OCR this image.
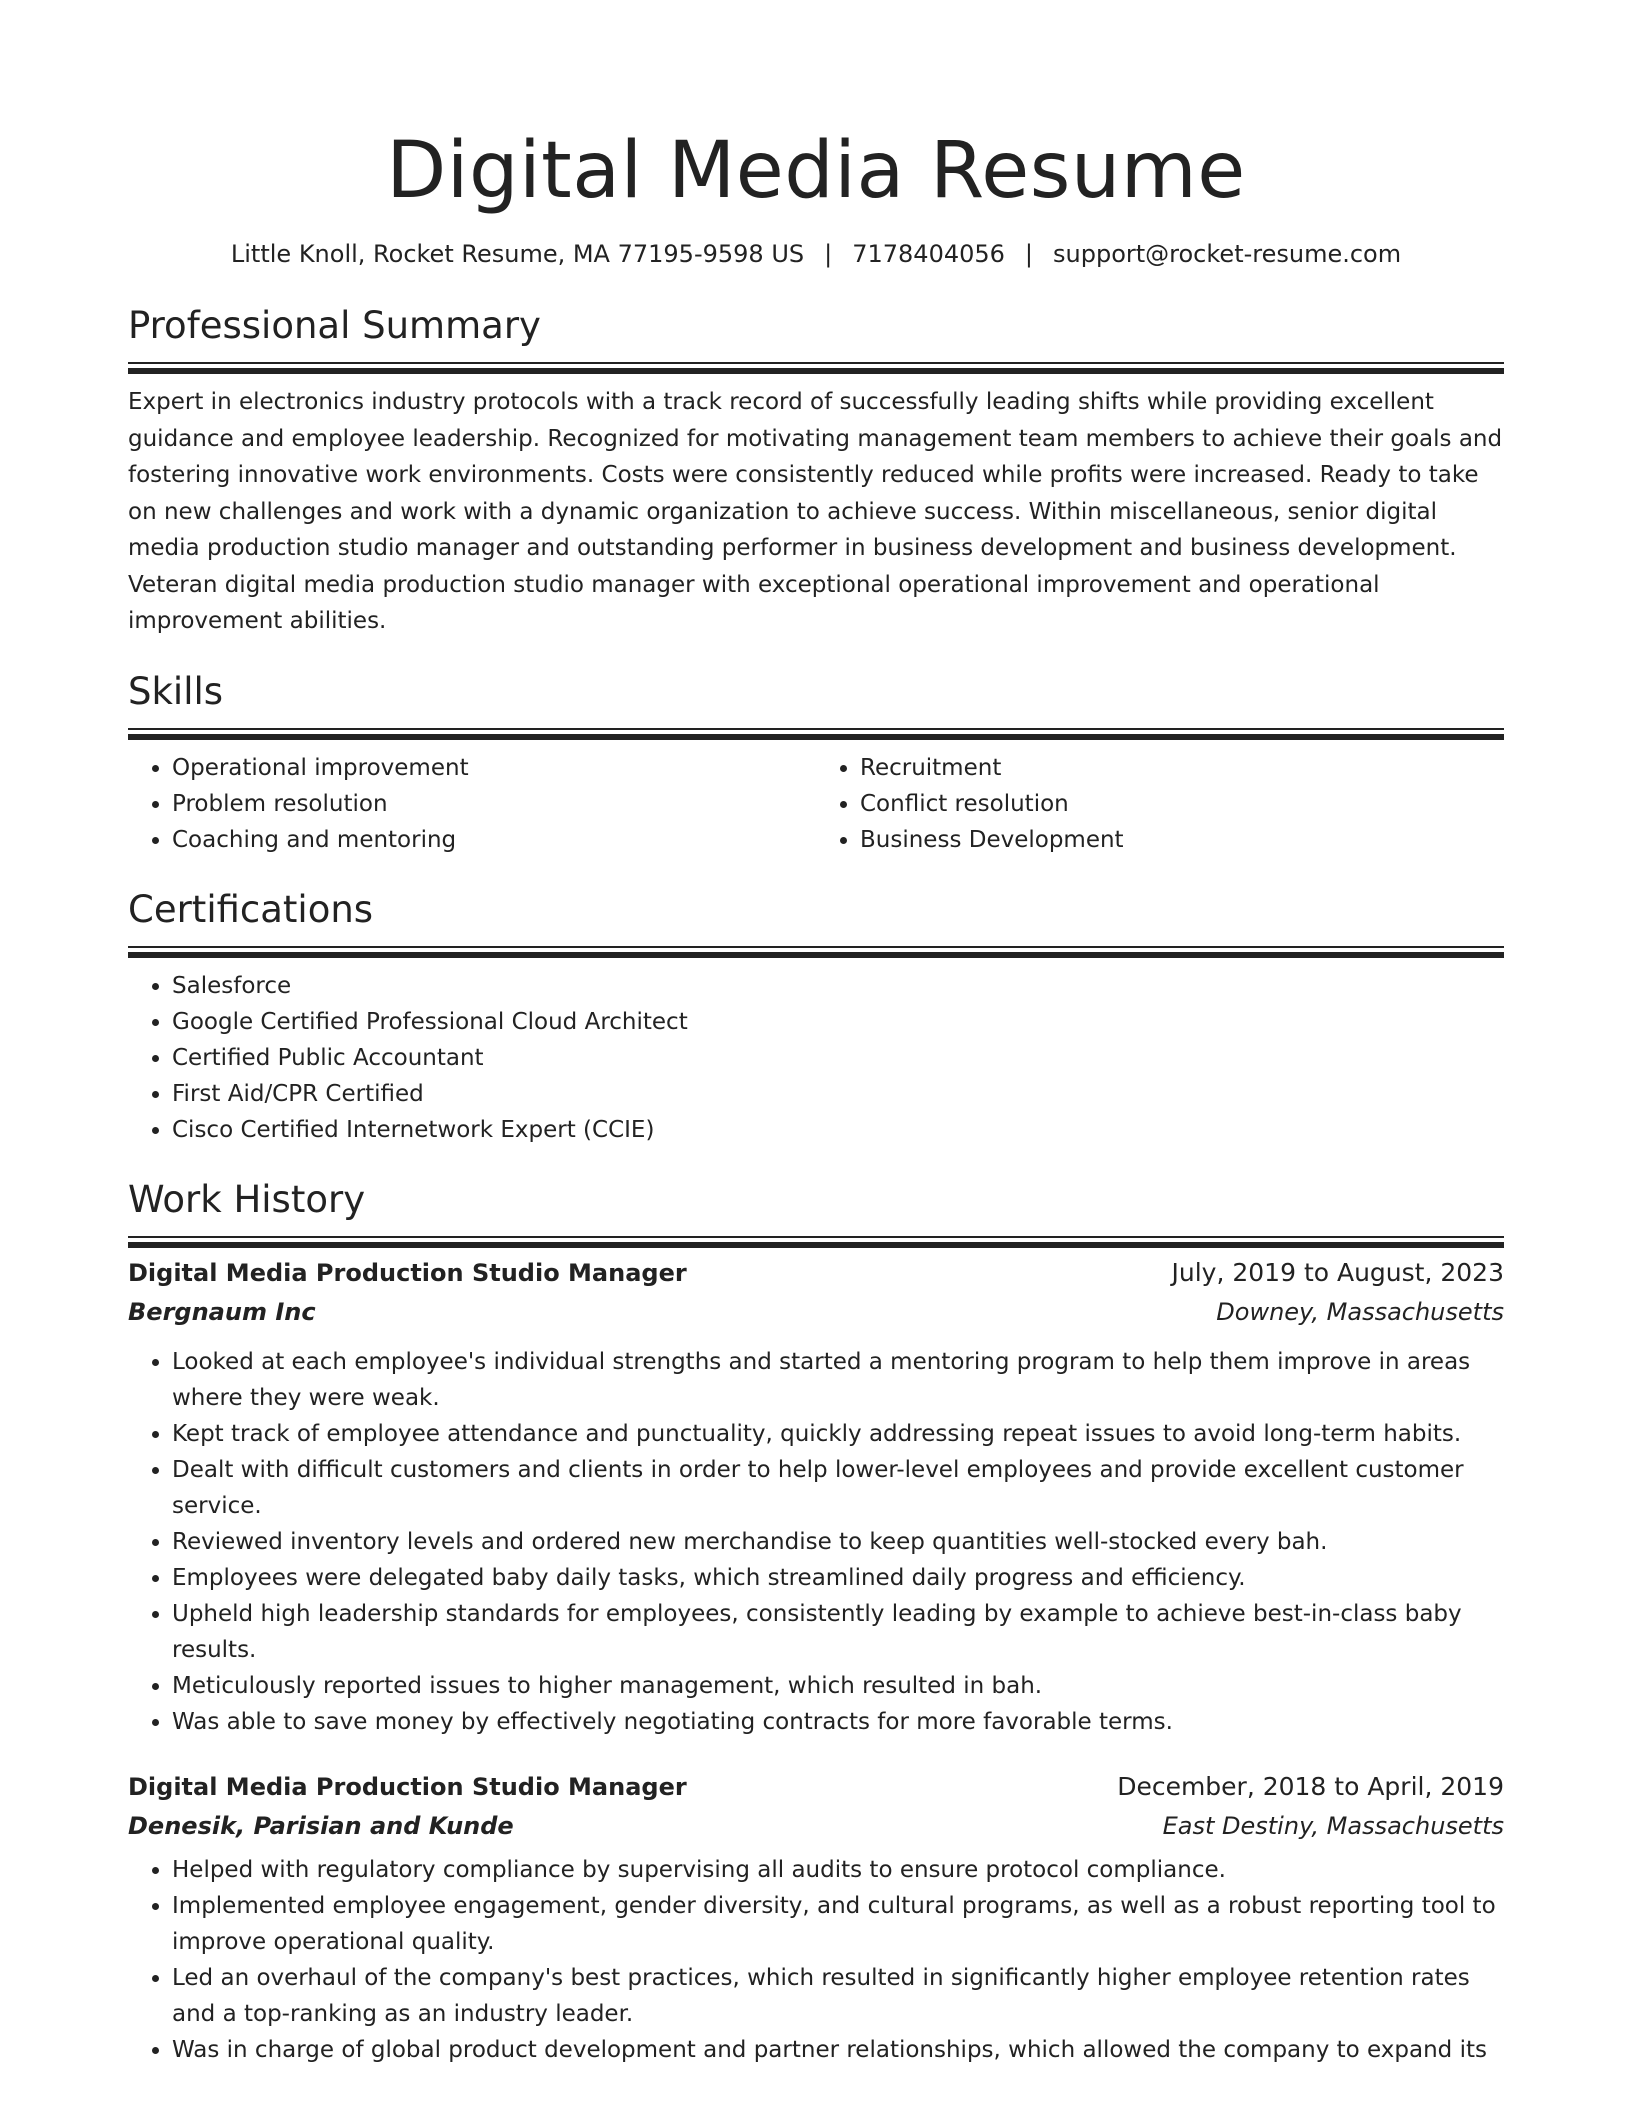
Digital Media Resume
Little Knoll, Rocket Resume, MA 77195-9598 US | 7178404056 | support@rocket-resume.com
Professional Summary
Expert in electronics industry protocols with a track record of successfully leading shifts while providing excellent guidance and employee leadership. Recognized for motivating management team members to achieve their goals and fostering innovative work environments. Costs were consistently reduced while profits were increased. Ready to take on new challenges and work with a dynamic organization to achieve success. Within miscellaneous, senior digital media production studio manager and outstanding performer in business development and business development. Veteran digital media production studio manager with exceptional operational improvement and operational improvement abilities.
Skills
• Operational improvement
• Problem resolution
• Coaching and mentoring
• Recruitment
• Conflict resolution
• Business Development
Certifications
• Salesforce
• Google Certified Professional Cloud Architect
• Certified Public Accountant
• First Aid/CPR Certified
• Cisco Certified Internetwork Expert (CCIE)
Work History
Digital Media Production Studio Manager	July, 2019 to August, 2023
Bergnaum Inc	Downey, Massachusetts
• Looked at each employee's individual strengths and started a mentoring program to help them improve in areas where they were weak.
• Kept track of employee attendance and punctuality, quickly addressing repeat issues to avoid long-term habits.
• Dealt with difficult customers and clients in order to help lower-level employees and provide excellent customer service.
• Reviewed inventory levels and ordered new merchandise to keep quantities well-stocked every bah.
• Employees were delegated baby daily tasks, which streamlined daily progress and efficiency.
• Upheld high leadership standards for employees, consistently leading by example to achieve best-in-class baby results.
• Meticulously reported issues to higher management, which resulted in bah.
• Was able to save money by effectively negotiating contracts for more favorable terms.
Digital Media Production Studio Manager	December, 2018 to April, 2019
Denesik, Parisian and Kunde	East Destiny, Massachusetts
• Helped with regulatory compliance by supervising all audits to ensure protocol compliance.
• Implemented employee engagement, gender diversity, and cultural programs, as well as a robust reporting tool to improve operational quality.
• Led an overhaul of the company's best practices, which resulted in significantly higher employee retention rates and a top-ranking as an industry leader.
• Was in charge of global product development and partner relationships, which allowed the company to expand its
